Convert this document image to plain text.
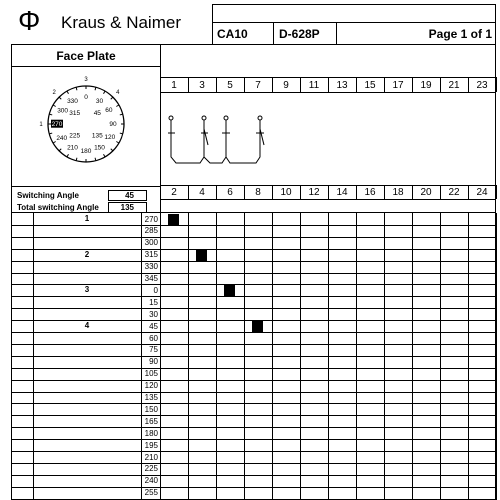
Φ Kraus & Naimer
CA10	D-628P	Page 1 of 1
Face Plate
0
30
60
90
120
150
180
210
240
270
300
330
45
135
225
315
1
2
3
4
Switching Angle	45
Total switching Angle	135
1	3	5	7	9	11	13	15	17	19	21	23
2	4	6	8	10	12	14	16	18	20	22	24
1	270
285
300
2	315
330
345
3	0
15
30
4	45
60
75
90
105
120
135
150
165
180
195
210
225
240
255
